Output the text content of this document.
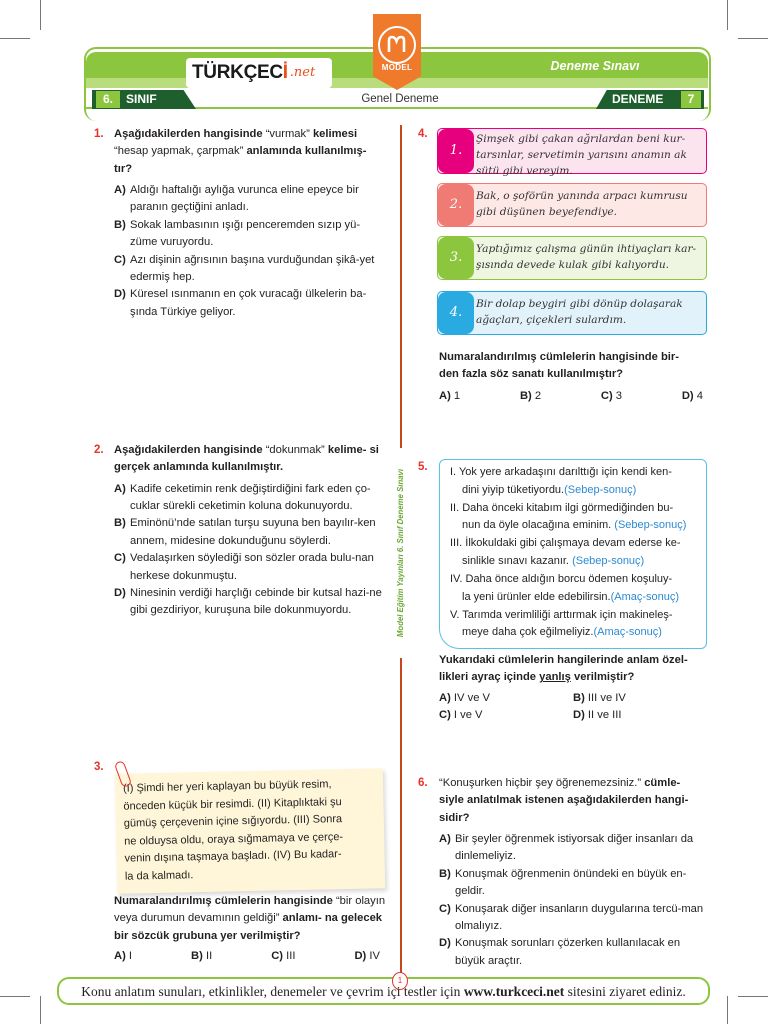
TÜRKÇEC İ .net	MODEL	Deneme Sınavı
6.	SINIF	Genel Deneme	DENEME	7
Model Eğitim Yayınları 6. Sınıf Deneme Sınavı
1. Aşağıdakilerden hangisinde “vurmak” kelimesi “hesap yapmak, çarpmak” anlamında kullanılmış- tır?
A) Aldığı haftalığı aylığa vurunca eline epeyce bir paranın geçtiğini anladı.
B) Sokak lambasının ışığı penceremden sızıp yü-züme vuruyordu.
C) Azı dişinin ağrısının başına vurduğundan şikâ-yet edermiş hep.
D) Küresel ısınmanın en çok vuracağı ülkelerin ba-şında Türkiye geliyor.
2. Aşağıdakilerden hangisinde “dokunmak” kelime- si gerçek anlamında kullanılmıştır.
A) Kadife ceketimin renk değiştirdiğini fark eden ço-cuklar sürekli ceketimin koluna dokunuyordu.
B) Eminönü’nde satılan turşu suyuna ben bayılır-ken annem, midesine dokunduğunu söylerdi.
C) Vedalaşırken söylediği son sözler orada bulu-nan herkese dokunmuştu.
D) Ninesinin verdiği harçlığı cebinde bir kutsal hazi-ne gibi gezdiriyor, kuruşuna bile dokunmuyordu.
3.
(I) Şimdi her yeri kaplayan bu büyük resim,
önceden küçük bir resimdi. (II) Kitaplıktaki şu
gümüş çerçevenin içine sığıyordu. (III) Sonra
ne olduysa oldu, oraya sığmamaya ve çerçe-
venin dışına taşmaya başladı. (IV) Bu kadar-
la da kalmadı.
Numaralandırılmış cümlelerin hangisinde “bir olayın veya durumun devamının geldiği” anlamı- na gelecek bir sözcük grubuna yer verilmiştir?
A) I	B) II	C) III	D) IV
4.
1.
Şimşek gibi çakan ağrılardan beni kur-tarsınlar, servetimin yarısını anamın ak sütü gibi vereyim.
2.
Bak, o şoförün yanında arpacı kumrusu gibi düşünen beyefendiye.
3.
Yaptığımız çalışma günün ihtiyaçları kar-şısında devede kulak gibi kalıyordu.
4.
Bir dolap beygiri gibi dönüp dolaşarak ağaçları, çiçekleri sulardım.
Numaralandırılmış cümlelerin hangisinde bir-
den fazla söz sanatı kullanılmıştır?
A) 1	B) 2	C) 3	D) 4
5. I. Yok yere arkadaşını darılttığı için kendi ken-
dini yiyip tüketiyordu.(Sebep-sonuç)
II. Daha önceki kitabım ilgi görmediğinden bu-
nun da öyle olacağına eminim. (Sebep-sonuç)
III. İlkokuldaki gibi çalışmaya devam ederse ke-
sinlikle sınavı kazanır. (Sebep-sonuç)
IV. Daha önce aldığın borcu ödemen koşuluy-
la yeni ürünler elde edebilirsin.(Amaç-sonuç)
V. Tarımda verimliliği arttırmak için makineleş-
meye daha çok eğilmeliyiz.(Amaç-sonuç)
Yukarıdaki cümlelerin hangilerinde anlam özel-
likleri ayraç içinde yanlış verilmiştir?
A) IV ve V	B) III ve IV
C) I ve V	D) II ve III
6. “Konuşurken hiçbir şey öğrenemezsiniz.” cümle- siyle anlatılmak istenen aşağıdakilerden hangi- sidir?
A) Bir şeyler öğrenmek istiyorsak diğer insanları da dinlemeliyiz.
B) Konuşmak öğrenmenin önündeki en büyük en-geldir.
C) Konuşarak diğer insanların duygularına tercü-man olmalıyız.
D) Konuşmak sorunları çözerken kullanılacak en büyük araçtır.
1
Konu anlatım sunuları, etkinlikler, denemeler ve çevrim içi testler için www.turkceci.net sitesini ziyaret ediniz.
